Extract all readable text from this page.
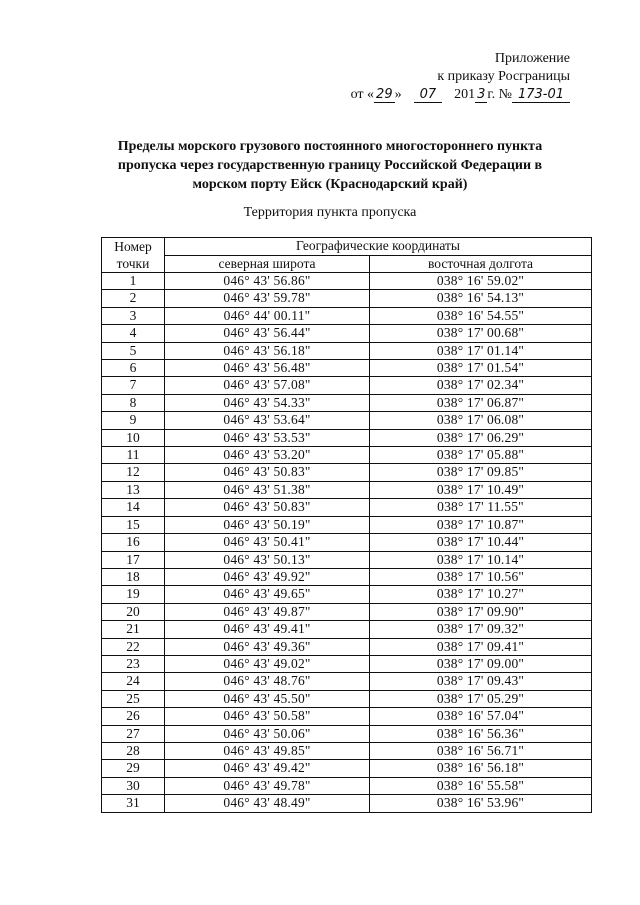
Приложение
к приказу Росграницы
от « 29 » 07 201 3 г. № 173-01
Пределы морского грузового постоянного многостороннего пункта пропуска через государственную границу Российской Федерации в морском порту Ейск (Краснодарский край)
Территория пункта пропуска
Номер
точки	Географические координаты	
	северная широта	восточная долгота
1	046° 43' 56.86"	038° 16' 59.02"
2	046° 43' 59.78"	038° 16' 54.13"
3	046° 44' 00.11"	038° 16' 54.55"
4	046° 43' 56.44"	038° 17' 00.68"
5	046° 43' 56.18"	038° 17' 01.14"
6	046° 43' 56.48"	038° 17' 01.54"
7	046° 43' 57.08"	038° 17' 02.34"
8	046° 43' 54.33"	038° 17' 06.87"
9	046° 43' 53.64"	038° 17' 06.08"
10	046° 43' 53.53"	038° 17' 06.29"
11	046° 43' 53.20"	038° 17' 05.88"
12	046° 43' 50.83"	038° 17' 09.85"
13	046° 43' 51.38"	038° 17' 10.49"
14	046° 43' 50.83"	038° 17' 11.55"
15	046° 43' 50.19"	038° 17' 10.87"
16	046° 43' 50.41"	038° 17' 10.44"
17	046° 43' 50.13"	038° 17' 10.14"
18	046° 43' 49.92"	038° 17' 10.56"
19	046° 43' 49.65"	038° 17' 10.27"
20	046° 43' 49.87"	038° 17' 09.90"
21	046° 43' 49.41"	038° 17' 09.32"
22	046° 43' 49.36"	038° 17' 09.41"
23	046° 43' 49.02"	038° 17' 09.00"
24	046° 43' 48.76"	038° 17' 09.43"
25	046° 43' 45.50"	038° 17' 05.29"
26	046° 43' 50.58"	038° 16' 57.04"
27	046° 43' 50.06"	038° 16' 56.36"
28	046° 43' 49.85"	038° 16' 56.71"
29	046° 43' 49.42"	038° 16' 56.18"
30	046° 43' 49.78"	038° 16' 55.58"
31	046° 43' 48.49"	038° 16' 53.96"
